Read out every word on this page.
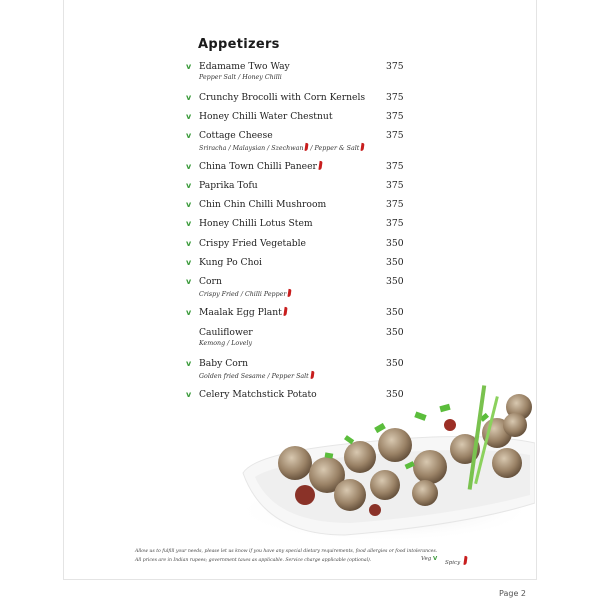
Appetizers
v Edamame Two Way	375
Pepper Salt / Honey Chilli
v Crunchy Brocolli with Corn Kernels 375
v Honey Chilli Water Chestnut	375
v Cottage Cheese	375
Sriracha / Malaysian / Szechwan / Pepper & Salt
v China Town Chilli Paneer	375
v Paprika Tofu	375
v Chin Chin Chilli Mushroom	375
v Honey Chilli Lotus Stem	375
v Crispy Fried Vegetable	350
v Kung Po Choi	350
v Corn	350
Crispy Fried / Chilli Pepper
v Maalak Egg Plant	350
Cauliflower	350
Kemong / Lovely
v Baby Corn	350
Golden fried Sesame / Pepper Salt
v Celery Matchstick Potato	350
Allow us to fulfill your needs, please let us know if you have any special dietary requirements, food allergies or food intolerances.
All prices are in Indian rupees; government taxes as applicable. Service charge applicable (optional).	Veg V
Spicy
Page 2
